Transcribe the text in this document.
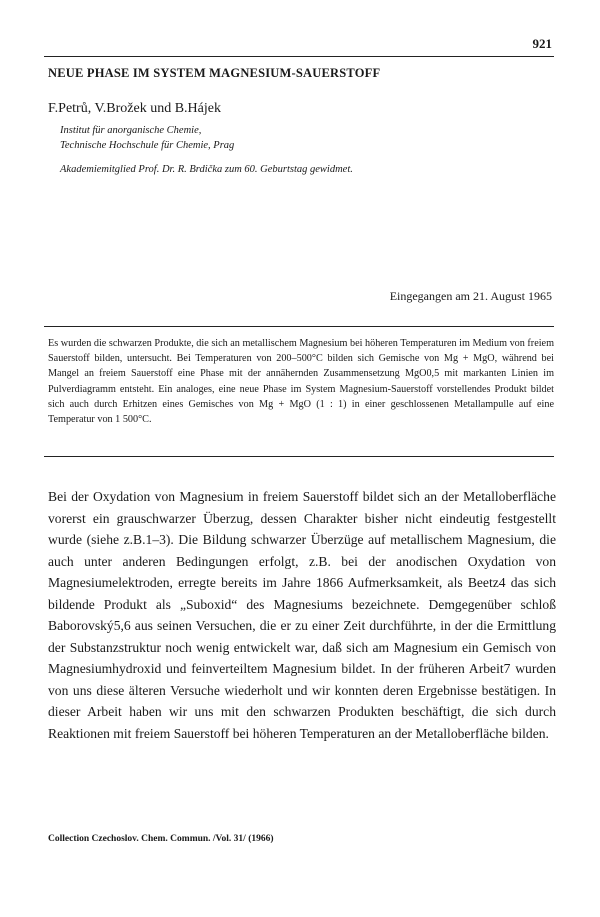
921
NEUE PHASE IM SYSTEM MAGNESIUM-SAUERSTOFF
F.Petrů, V.Brožek und B.Hájek
Institut für anorganische Chemie,
Technische Hochschule für Chemie, Prag
Akademiemitglied Prof. Dr. R. Brdička zum 60. Geburtstag gewidmet.
Eingegangen am 21. August 1965
Es wurden die schwarzen Produkte, die sich an metallischem Magnesium bei höheren Temperaturen im Medium von freiem Sauerstoff bilden, untersucht. Bei Temperaturen von 200–500°C bilden sich Gemische von Mg + MgO, während bei Mangel an freiem Sauerstoff eine Phase mit der annähernden Zusammensetzung MgO0,5 mit markanten Linien im Pulverdiagramm entsteht. Ein analoges, eine neue Phase im System Magnesium-Sauerstoff vorstellendes Produkt bildet sich auch durch Erhitzen eines Gemisches von Mg + MgO (1 : 1) in einer geschlossenen Metallampulle auf eine Temperatur von 1 500°C.
Bei der Oxydation von Magnesium in freiem Sauerstoff bildet sich an der Metalloberfläche vorerst ein grauschwarzer Überzug, dessen Charakter bisher nicht eindeutig festgestellt wurde (siehe z.B.1–3). Die Bildung schwarzer Überzüge auf metallischem Magnesium, die auch unter anderen Bedingungen erfolgt, z.B. bei der anodischen Oxydation von Magnesiumelektroden, erregte bereits im Jahre 1866 Aufmerksamkeit, als Beetz4 das sich bildende Produkt als „Suboxid“ des Magnesiums bezeichnete. Demgegenüber schloß Baborovský5,6 aus seinen Versuchen, die er zu einer Zeit durchführte, in der die Ermittlung der Substanzstruktur noch wenig entwickelt war, daß sich am Magnesium ein Gemisch von Magnesiumhydroxid und feinverteiltem Magnesium bildet. In der früheren Arbeit7 wurden von uns diese älteren Versuche wiederholt und wir konnten deren Ergebnisse bestätigen. In dieser Arbeit haben wir uns mit den schwarzen Produkten beschäftigt, die sich durch Reaktionen mit freiem Sauerstoff bei höheren Temperaturen an der Metalloberfläche bilden.
Collection Czechoslov. Chem. Commun. /Vol. 31/ (1966)
